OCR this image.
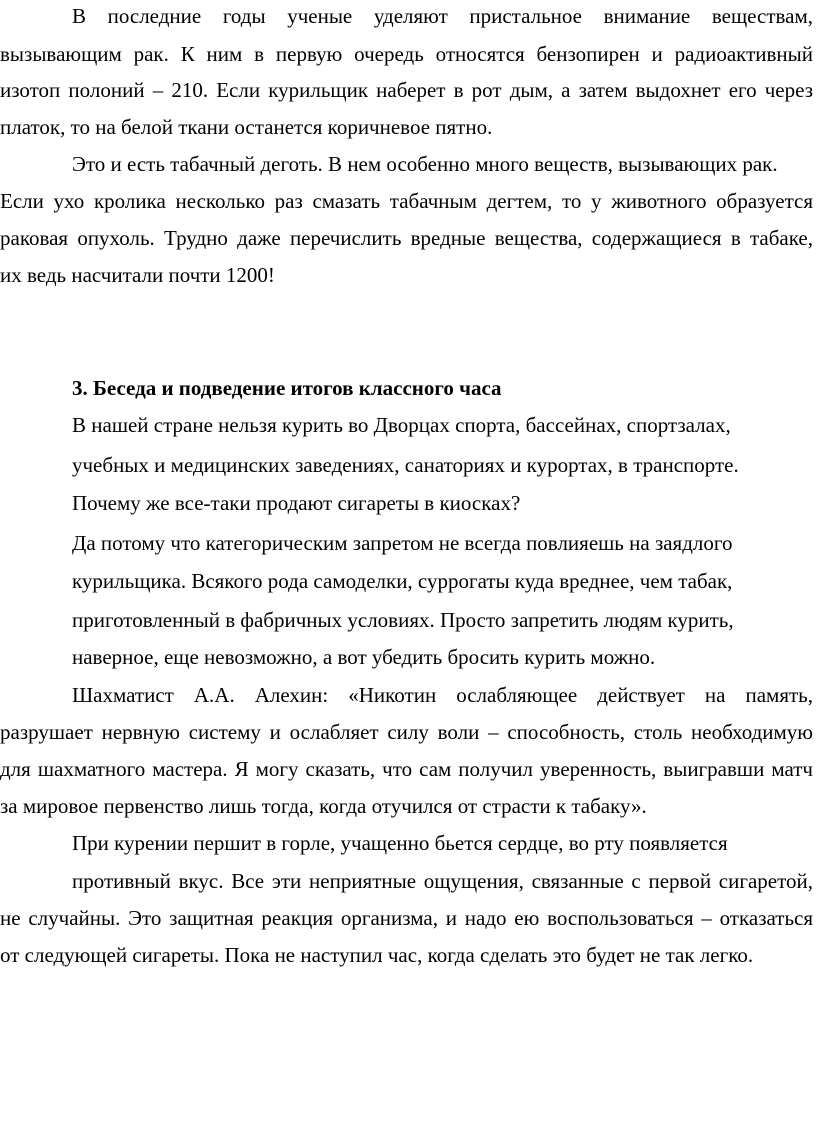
В последние годы ученые уделяют пристальное внимание веществам,
вызывающим рак. К ним в первую очередь относятся бензопирен и радиоактивный
изотоп полоний – 210. Если курильщик наберет в рот дым, а затем выдохнет его через
платок, то на белой ткани останется коричневое пятно.
Это и есть табачный деготь. В нем особенно много веществ, вызывающих рак.
Если ухо кролика несколько раз смазать табачным дегтем, то у животного образуется
раковая опухоль. Трудно даже перечислить вредные вещества, содержащиеся в табаке,
их ведь насчитали почти 1200!
3. Беседа и подведение итогов классного часа
В нашей стране нельзя курить во Дворцах спорта, бассейнах, спортзалах,
учебных и медицинских заведениях, санаториях и курортах, в транспорте.
Почему же все-таки продают сигареты в киосках?
Да потому что категорическим запретом не всегда повлияешь на заядлого
курильщика. Всякого рода самоделки, суррогаты куда вреднее, чем табак,
приготовленный в фабричных условиях. Просто запретить людям курить,
наверное, еще невозможно, а вот убедить бросить курить можно.
Шахматист А.А. Алехин: «Никотин ослабляющее действует на память,
разрушает нервную систему и ослабляет силу воли – способность, столь необходимую
для шахматного мастера. Я могу сказать, что сам получил уверенность, выигравши матч
за мировое первенство лишь тогда, когда отучился от страсти к табаку».
При курении першит в горле, учащенно бьется сердце, во рту появляется
противный вкус. Все эти неприятные ощущения, связанные с первой сигаретой,
не случайны. Это защитная реакция организма, и надо ею воспользоваться – отказаться
от следующей сигареты. Пока не наступил час, когда сделать это будет не так легко.
